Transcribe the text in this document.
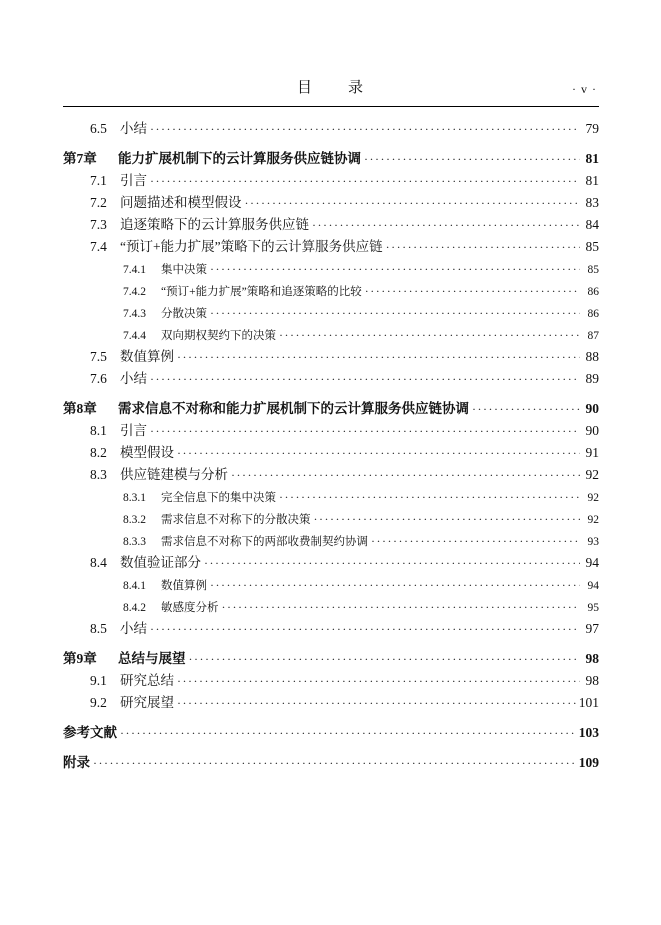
目　　录	· v ·
6.5 小结 ·····	79
第7章	能力扩展机制下的云计算服务供应链协调 ·····	81
7.1 引言 ·····	81
7.2 问题描述和模型假设 ·····	83
7.3 追逐策略下的云计算服务供应链 ·····	84
7.4 “预订+能力扩展”策略下的云计算服务供应链 ·····	85
7.4.1	集中决策 ·····	85
7.4.2	“预订+能力扩展”策略和追逐策略的比较 ·····	86
7.4.3	分散决策 ·····	86
7.4.4	双向期权契约下的决策 ·····	87
7.5 数值算例 ·····	88
7.6 小结 ·····	89
第8章	需求信息不对称和能力扩展机制下的云计算服务供应链协调 ·····	90
8.1 引言 ·····	90
8.2 模型假设 ·····	91
8.3 供应链建模与分析 ·····	92
8.3.1	完全信息下的集中决策 ·····	92
8.3.2	需求信息不对称下的分散决策 ·····	92
8.3.3	需求信息不对称下的两部收费制契约协调 ·····	93
8.4 数值验证部分 ·····	94
8.4.1	数值算例 ·····	94
8.4.2	敏感度分析 ·····	95
8.5 小结 ·····	97
第9章	总结与展望 ·····	98
9.1 研究总结 ·····	98
9.2 研究展望 ·····	101
参考文献 ·····	103
附录 ·····	109
